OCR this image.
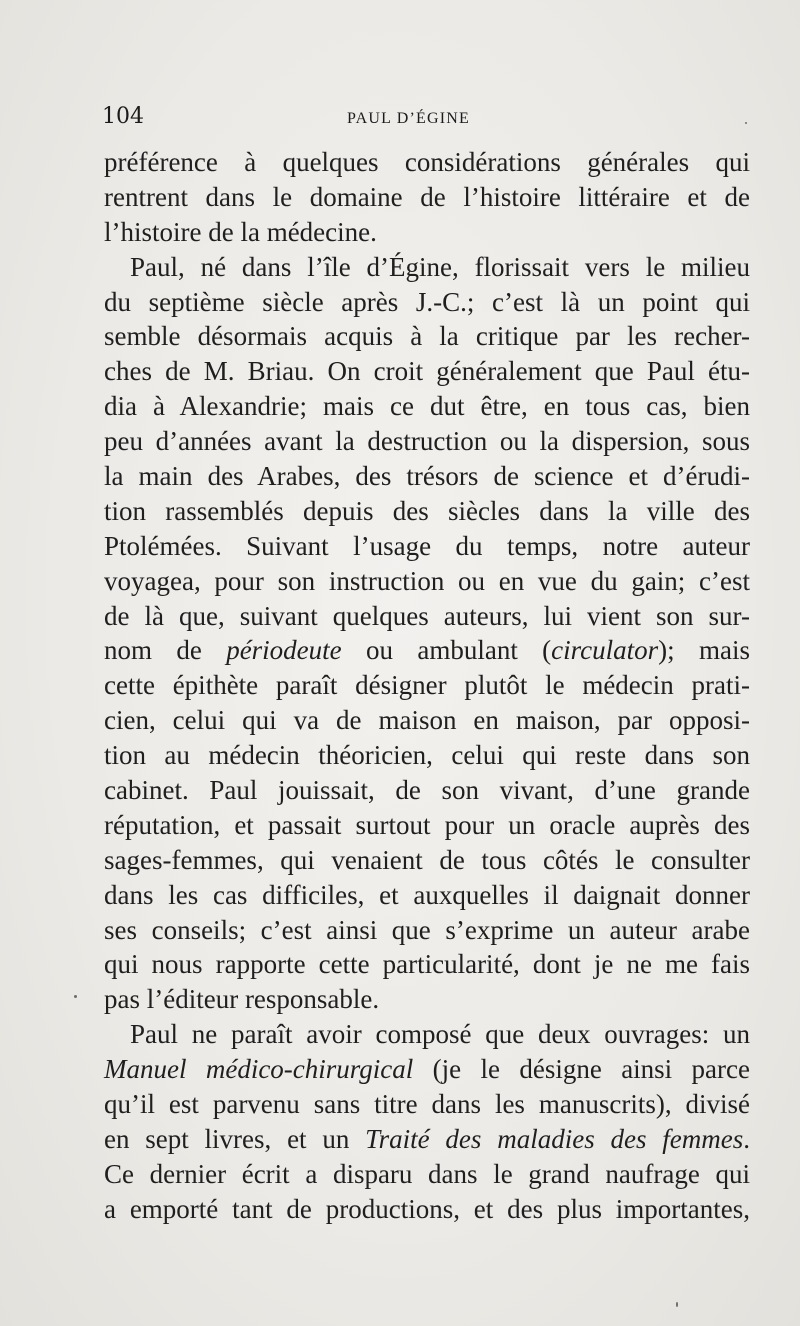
104	PAUL D’ÉGINE
préférence à quelques considérations générales qui
rentrent dans le domaine de l’histoire littéraire et de
l’histoire de la médecine.
Paul, né dans l’île d’Égine, florissait vers le milieu
du septième siècle après J.-C.; c’est là un point qui
semble désormais acquis à la critique par les recher-
ches de M. Briau. On croit généralement que Paul étu-
dia à Alexandrie; mais ce dut être, en tous cas, bien
peu d’années avant la destruction ou la dispersion, sous
la main des Arabes, des trésors de science et d’érudi-
tion rassemblés depuis des siècles dans la ville des
Ptolémées. Suivant l’usage du temps, notre auteur
voyagea, pour son instruction ou en vue du gain; c’est
de là que, suivant quelques auteurs, lui vient son sur-
nom de périodeute ou ambulant (circulator); mais
cette épithète paraît désigner plutôt le médecin prati-
cien, celui qui va de maison en maison, par opposi-
tion au médecin théoricien, celui qui reste dans son
cabinet. Paul jouissait, de son vivant, d’une grande
réputation, et passait surtout pour un oracle auprès des
sages-femmes, qui venaient de tous côtés le consulter
dans les cas difficiles, et auxquelles il daignait donner
ses conseils; c’est ainsi que s’exprime un auteur arabe
qui nous rapporte cette particularité, dont je ne me fais
pas l’éditeur responsable.
Paul ne paraît avoir composé que deux ouvrages: un
Manuel médico-chirurgical (je le désigne ainsi parce
qu’il est parvenu sans titre dans les manuscrits), divisé
en sept livres, et un Traité des maladies des femmes.
Ce dernier écrit a disparu dans le grand naufrage qui
a emporté tant de productions, et des plus importantes,
